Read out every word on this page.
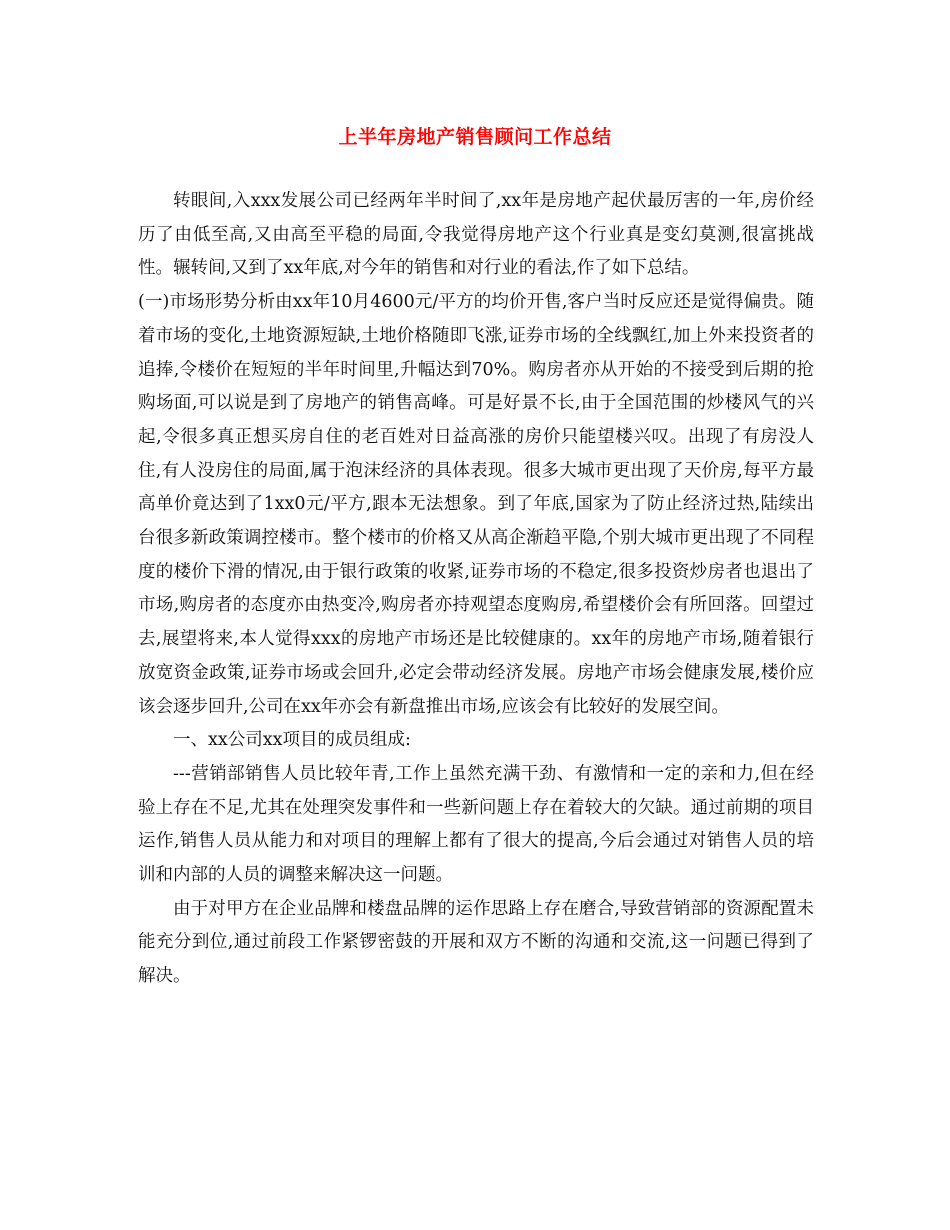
上半年房地产销售顾问工作总结

转眼间,入xxx发展公司已经两年半时间了,xx年是房地产起伏最厉害的一年,房价经历了由低至高,又由高至平稳的局面,令我觉得房地产这个行业真是变幻莫测,很富挑战性。辗转间,又到了xx年底,对今年的销售和对行业的看法,作了如下总结。

(一)市场形势分析由xx年10月4600元/平方的均价开售,客户当时反应还是觉得偏贵。随着市场的变化,土地资源短缺,土地价格随即飞涨,证券市场的全线飘红,加上外来投资者的追捧,令楼价在短短的半年时间里,升幅达到70%。购房者亦从开始的不接受到后期的抢购场面,可以说是到了房地产的销售高峰。可是好景不长,由于全国范围的炒楼风气的兴起,令很多真正想买房自住的老百姓对日益高涨的房价只能望楼兴叹。出现了有房没人住,有人没房住的局面,属于泡沫经济的具体表现。很多大城市更出现了天价房,每平方最高单价竟达到了1xx0元/平方,跟本无法想象。到了年底,国家为了防止经济过热,陆续出台很多新政策调控楼市。整个楼市的价格又从高企渐趋平隐,个别大城市更出现了不同程度的楼价下滑的情况,由于银行政策的收紧,证券市场的不稳定,很多投资炒房者也退出了市场,购房者的态度亦由热变冷,购房者亦持观望态度购房,希望楼价会有所回落。回望过去,展望将来,本人觉得xxx的房地产市场还是比较健康的。xx年的房地产市场,随着银行放宽资金政策,证券市场或会回升,必定会带动经济发展。房地产市场会健康发展,楼价应该会逐步回升,公司在xx年亦会有新盘推出市场,应该会有比较好的发展空间。

一、xx公司xx项目的成员组成:

---营销部销售人员比较年青,工作上虽然充满干劲、有激情和一定的亲和力,但在经验上存在不足,尤其在处理突发事件和一些新问题上存在着较大的欠缺。通过前期的项目运作,销售人员从能力和对项目的理解上都有了很大的提高,今后会通过对销售人员的培训和内部的人员的调整来解决这一问题。

由于对甲方在企业品牌和楼盘品牌的运作思路上存在磨合,导致营销部的资源配置未能充分到位,通过前段工作紧锣密鼓的开展和双方不断的沟通和交流,这一问题已得到了解决。
